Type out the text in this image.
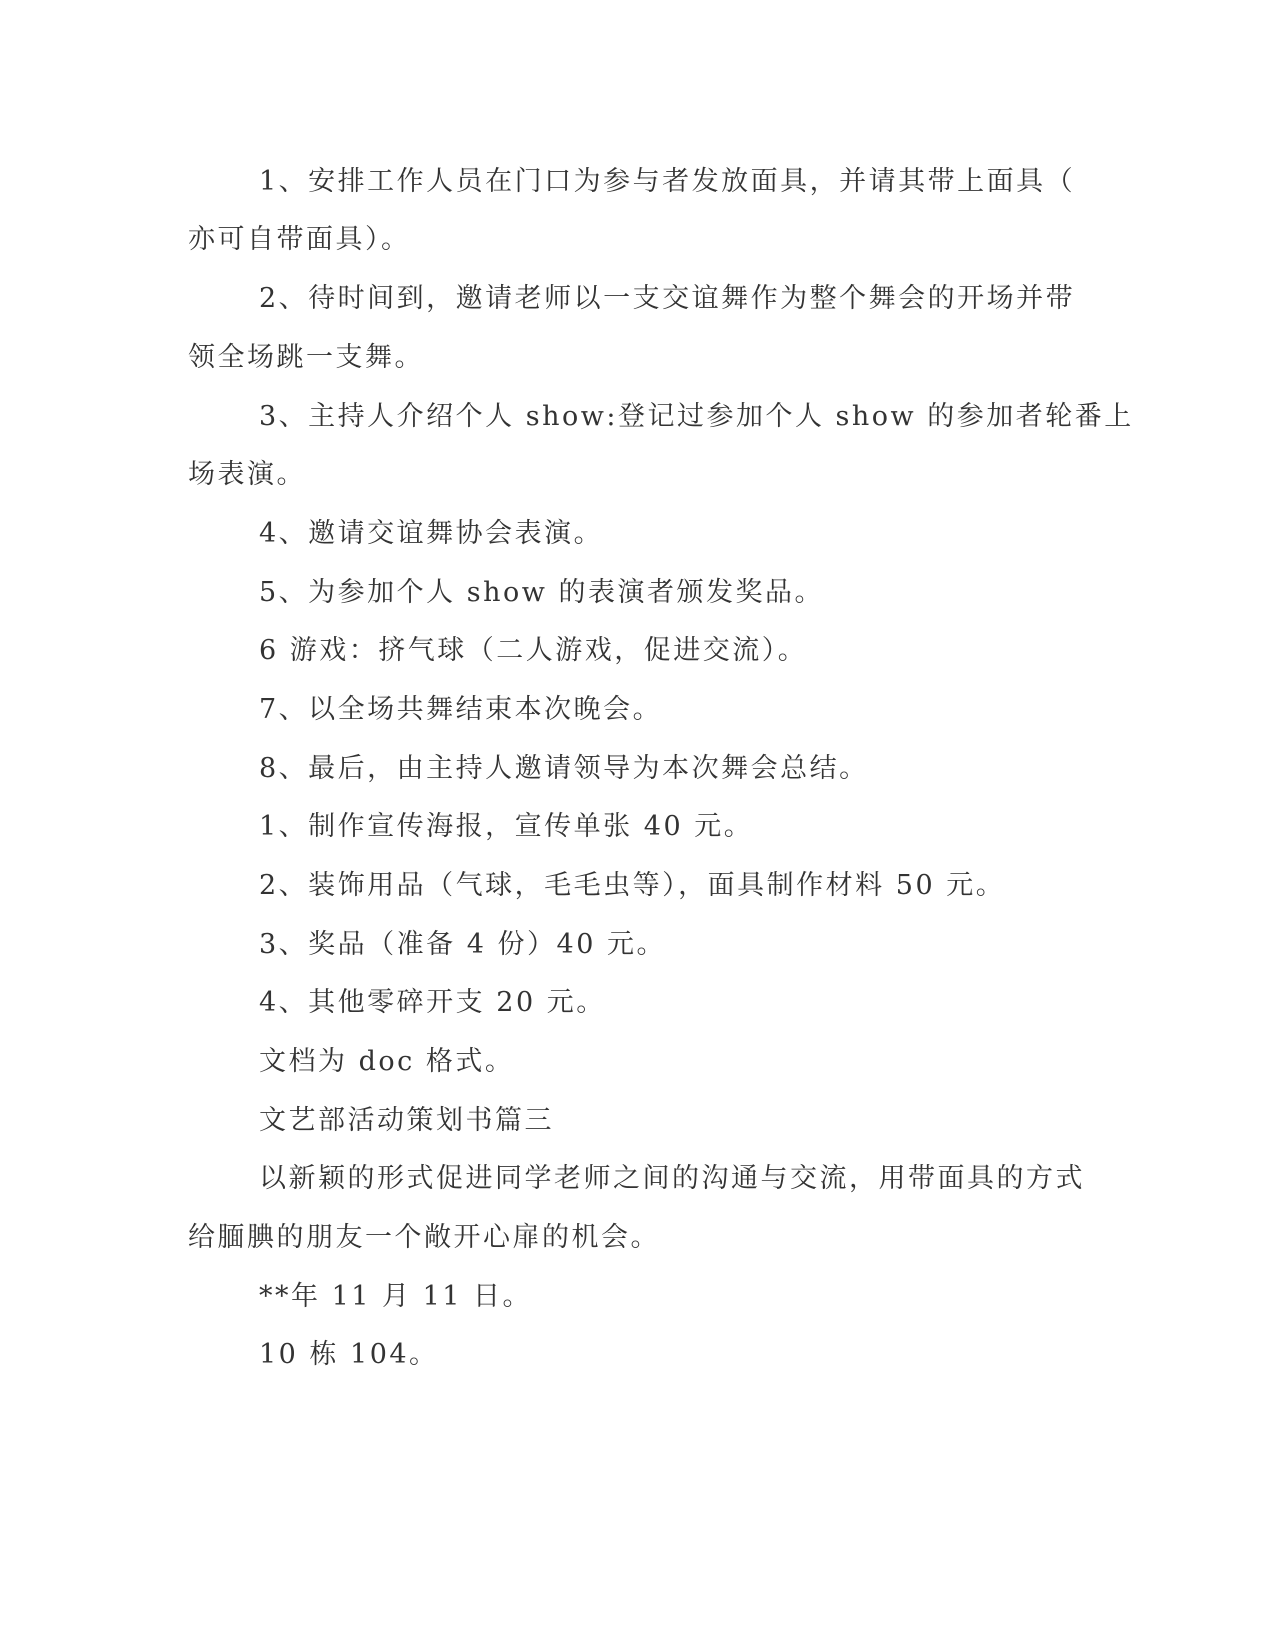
1、安排工作人员在门口为参与者发放面具，并请其带上面具（

亦可自带面具）。

2、待时间到，邀请老师以一支交谊舞作为整个舞会的开场并带

领全场跳一支舞。

3、主持人介绍个人 show:登记过参加个人 show 的参加者轮番上

场表演。

4、邀请交谊舞协会表演。

5、为参加个人 show 的表演者颁发奖品。

6 游戏：挤气球（二人游戏，促进交流）。

7、以全场共舞结束本次晚会。

8、最后，由主持人邀请领导为本次舞会总结。

1、制作宣传海报，宣传单张 40 元。

2、装饰用品（气球，毛毛虫等），面具制作材料 50 元。

3、奖品（准备 4 份）40 元。

4、其他零碎开支 20 元。

文档为 doc 格式。

文艺部活动策划书篇三

以新颖的形式促进同学老师之间的沟通与交流，用带面具的方式

给腼腆的朋友一个敞开心扉的机会。

**年 11 月 11 日。

10 栋 104。
